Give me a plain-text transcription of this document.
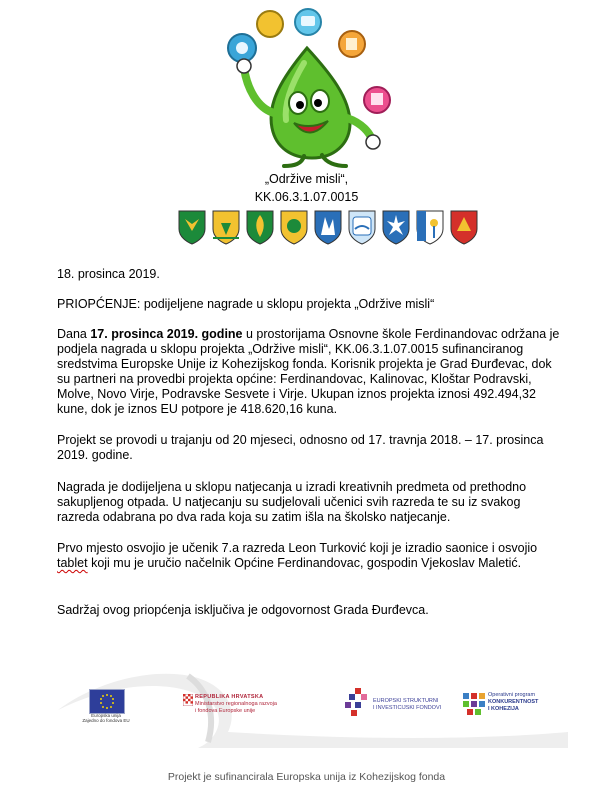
„Održive misli“,
KK.06.3.1.07.0015
18. prosinca 2019.
PRIOPĆENJE: podijeljene nagrade u sklopu projekta „Održive misli“

Dana 17. prosinca 2019. godine u prostorijama Osnovne škole Ferdinandovac održana je podjela nagrada u sklopu projekta „Održive misli“, KK.06.3.1.07.0015 sufinanciranog sredstvima Europske Unije iz Kohezijskog fonda. Korisnik projekta je Grad Đurđevac, dok su partneri na provedbi projekta općine: Ferdinandovac, Kalinovac, Kloštar Podravski, Molve, Novo Virje, Podravske Sesvete i Virje. Ukupan iznos projekta iznosi 492.494,32 kune, dok je iznos EU potpore je 418.620,16 kuna.

Projekt se provodi u trajanju od 20 mjeseci, odnosno od 17. travnja 2018. – 17. prosinca 2019. godine.
Nagrada je dodijeljena u sklopu natjecanja u izradi kreativnih predmeta od prethodno sakupljenog otpada. U natjecanju su sudjelovali učenici svih razreda te su iz svakog razreda odabrana po dva rada koja su zatim išla na školsko natjecanje.

Prvo mjesto osvojio je učenik 7.a razreda Leon Turković koji je izradio saonice i osvojio tablet koji mu je uručio načelnik Općine Ferdinandovac, gospodin Vjekoslav Maletić.

Sadržaj ovog priopćenja isključiva je odgovornost Grada Đurđevca.
Europska unija
Zajedno do fondova EU
REPUBLIKA HRVATSKA
Ministarstvo regionalnoga razvoja
i fondova Europske unije
EUROPSKI STRUKTURNI
I INVESTICIJSKI FONDOVI
Operativni program
KONKURENTNOST
I KOHEZIJA
Projekt je sufinancirala Europska unija iz Kohezijskog fonda
